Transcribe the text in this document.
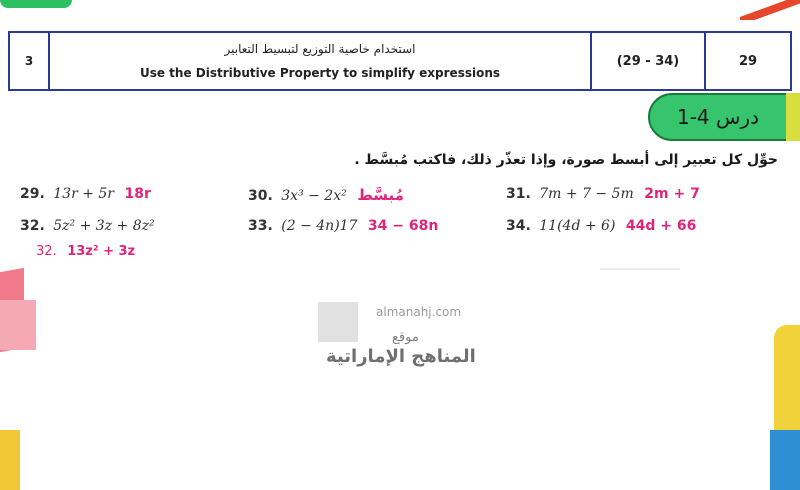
3
استخدام خاصية التوزيع لتبسيط التعابير
Use the Distributive Property to simplify expressions
(29 - 34)	29
1-4 درس
حوِّل كل تعبير إلى أبسط صورة، وإذا تعذّر ذلك، فاكتب مُبسَّط .
29. 13r + 5r 18r	30. 3x³ − 2x² مُبسَّط	31. 7m + 7 − 5m 2m + 7
32. 5z² + 3z + 8z²	33. (2 − 4n)17 34 − 68n	34. 11(4d + 6) 44d + 66
32. 13z² + 3z
almanahj.com
موقع
المناهج الإماراتية
